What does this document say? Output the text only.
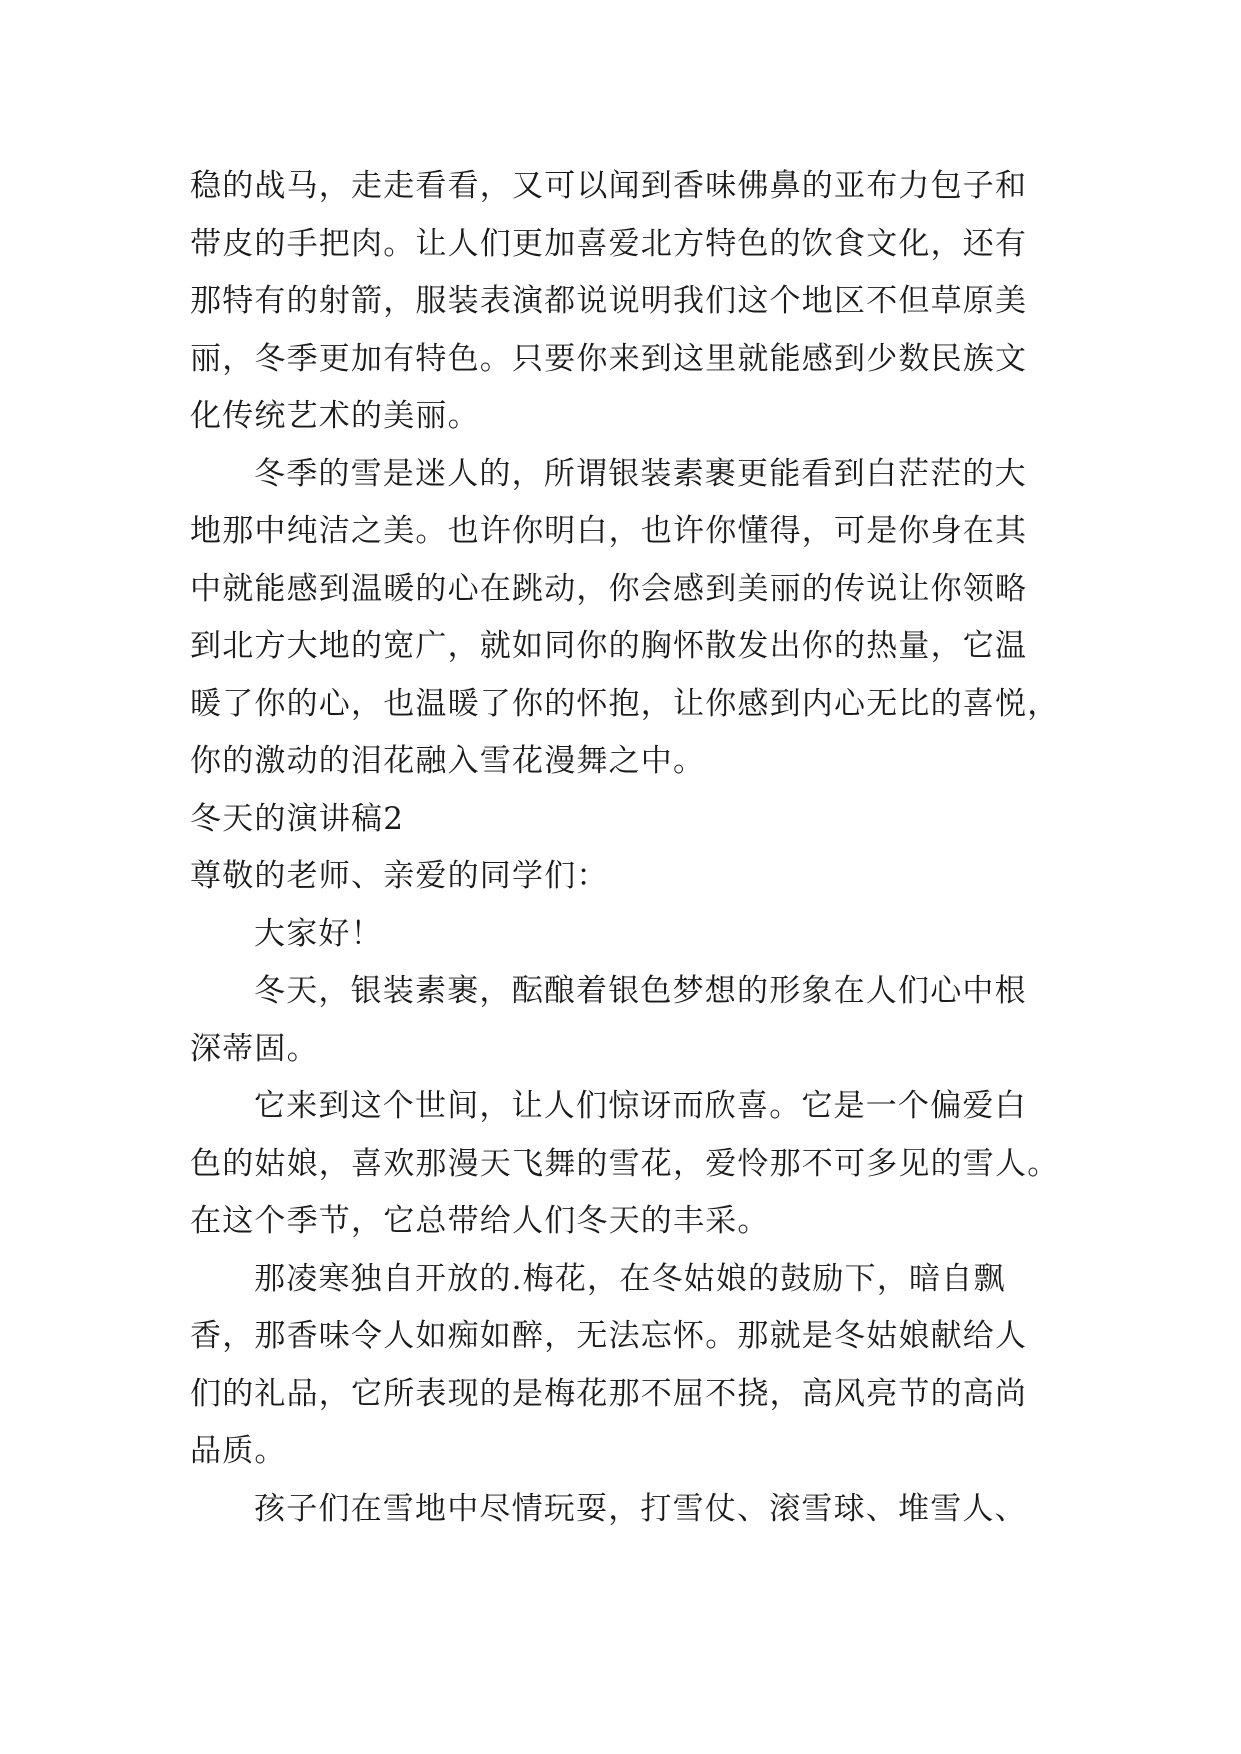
稳的战马，走走看看，又可以闻到香味佛鼻的亚布力包子和
带皮的手把肉。让人们更加喜爱北方特色的饮食文化，还有
那特有的射箭，服装表演都说说明我们这个地区不但草原美
丽，冬季更加有特色。只要你来到这里就能感到少数民族文
化传统艺术的美丽。
冬季的雪是迷人的，所谓银装素裹更能看到白茫茫的大
地那中纯洁之美。也许你明白，也许你懂得，可是你身在其
中就能感到温暖的心在跳动，你会感到美丽的传说让你领略
到北方大地的宽广，就如同你的胸怀散发出你的热量，它温
暖了你的心，也温暖了你的怀抱，让你感到内心无比的喜悦，
你的激动的泪花融入雪花漫舞之中。
冬天的演讲稿2
尊敬的老师、亲爱的同学们：
大家好！
冬天，银装素裹，酝酿着银色梦想的形象在人们心中根
深蒂固。
它来到这个世间，让人们惊讶而欣喜。它是一个偏爱白
色的姑娘，喜欢那漫天飞舞的雪花，爱怜那不可多见的雪人。
在这个季节，它总带给人们冬天的丰采。
那凌寒独自开放的.梅花，在冬姑娘的鼓励下，暗自飘
香，那香味令人如痴如醉，无法忘怀。那就是冬姑娘献给人
们的礼品，它所表现的是梅花那不屈不挠，高风亮节的高尚
品质。
孩子们在雪地中尽情玩耍，打雪仗、滚雪球、堆雪人、
